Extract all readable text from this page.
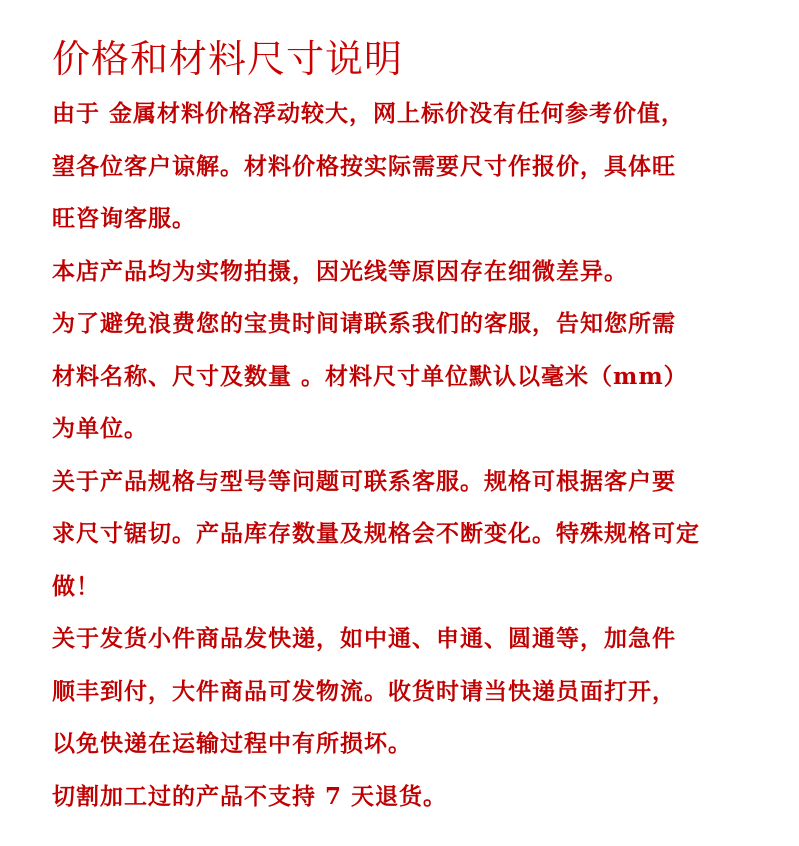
价格和材料尺寸说明
由于 金属材料价格浮动较大，网上标价没有任何参考价值，
望各位客户谅解。材料价格按实际需要尺寸作报价，具体旺
旺咨询客服。
本店产品均为实物拍摄，因光线等原因存在细微差异。
为了避免浪费您的宝贵时间请联系我们的客服，告知您所需
材料名称、尺寸及数量 。材料尺寸单位默认以毫米（mm）
为单位。
关于产品规格与型号等问题可联系客服。规格可根据客户要
求尺寸锯切。产品库存数量及规格会不断变化。特殊规格可定
做！
关于发货小件商品发快递，如中通、申通、圆通等，加急件
顺丰到付，大件商品可发物流。收货时请当快递员面打开，
以免快递在运输过程中有所损坏。
切割加工过的产品不支持 7 天退货。
